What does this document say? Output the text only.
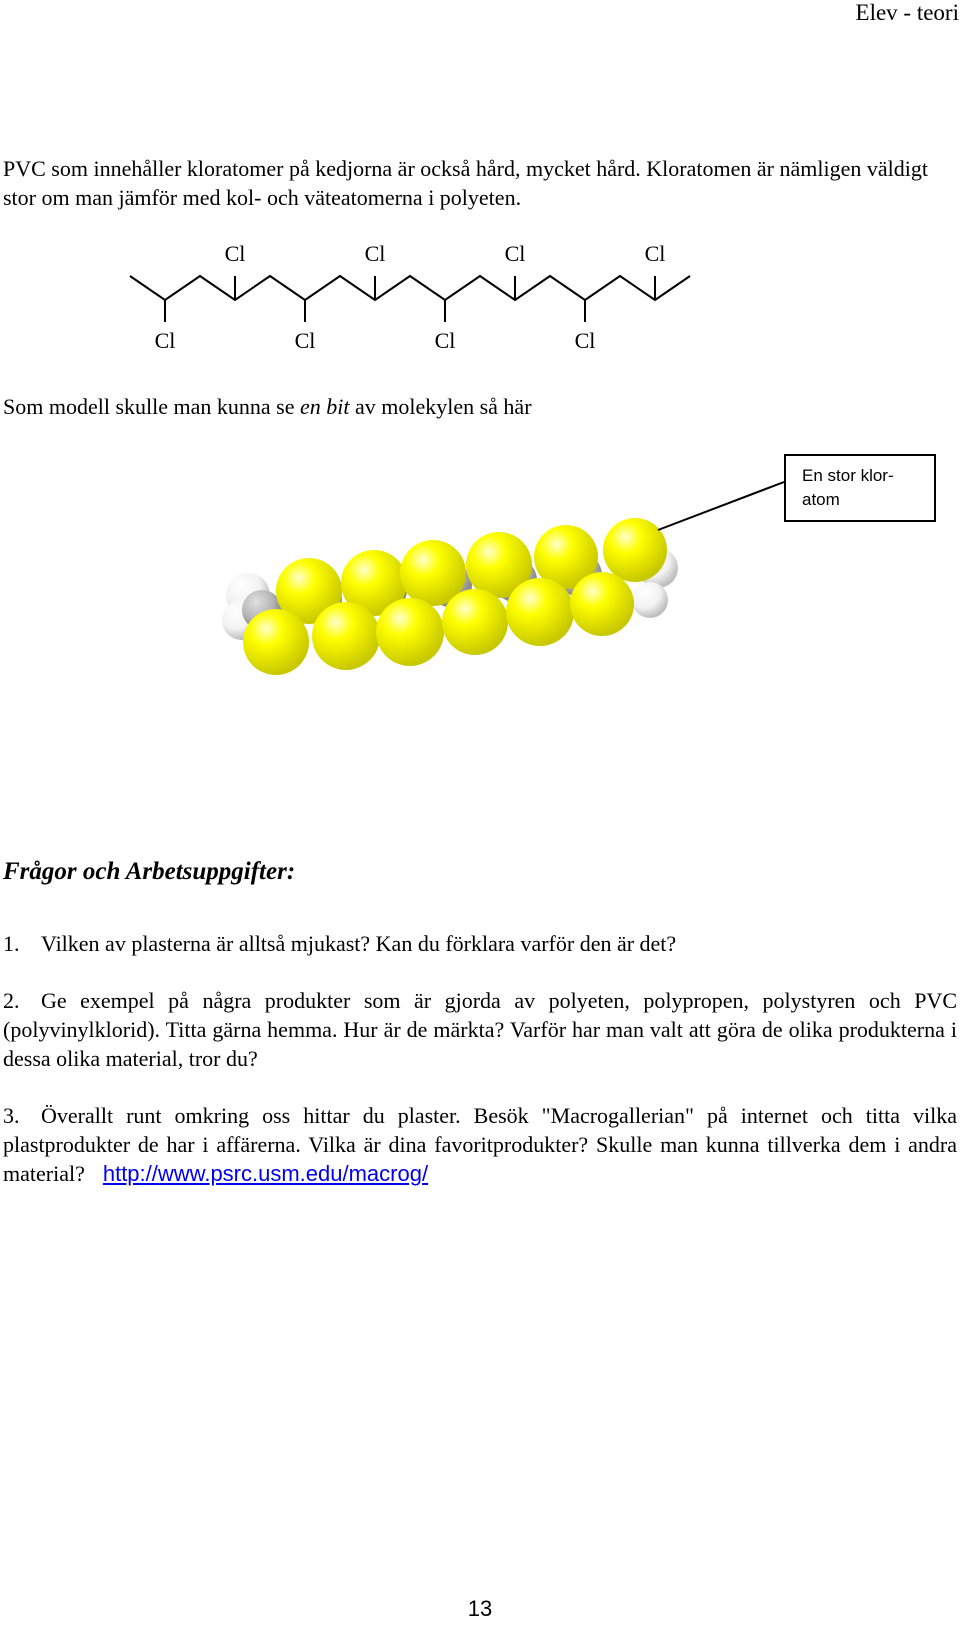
Elev - teori
PVC som innehåller kloratomer på kedjorna är också hård, mycket hård. Kloratomen är nämligen väldigt stor om man jämför med kol- och väteatomerna i polyeten.
Cl	Cl	Cl	Cl
Cl	Cl	Cl	Cl
Som modell skulle man kunna se en bit av molekylen så här
En stor klor-
atom
Frågor och Arbetsuppgifter:
1. Vilken av plasterna är alltså mjukast? Kan du förklara varför den är det?
2. Ge exempel på några produkter som är gjorda av polyeten, polypropen, polystyren och PVC (polyvinylklorid). Titta gärna hemma. Hur är de märkta? Varför har man valt att göra de olika produkterna i dessa olika material, tror du?
3. Överallt runt omkring oss hittar du plaster. Besök "Macrogallerian" på internet och titta vilka plastprodukter de har i affärerna. Vilka är dina favoritprodukter? Skulle man kunna tillverka dem i andra material? http://www.psrc.usm.edu/macrog/
13
